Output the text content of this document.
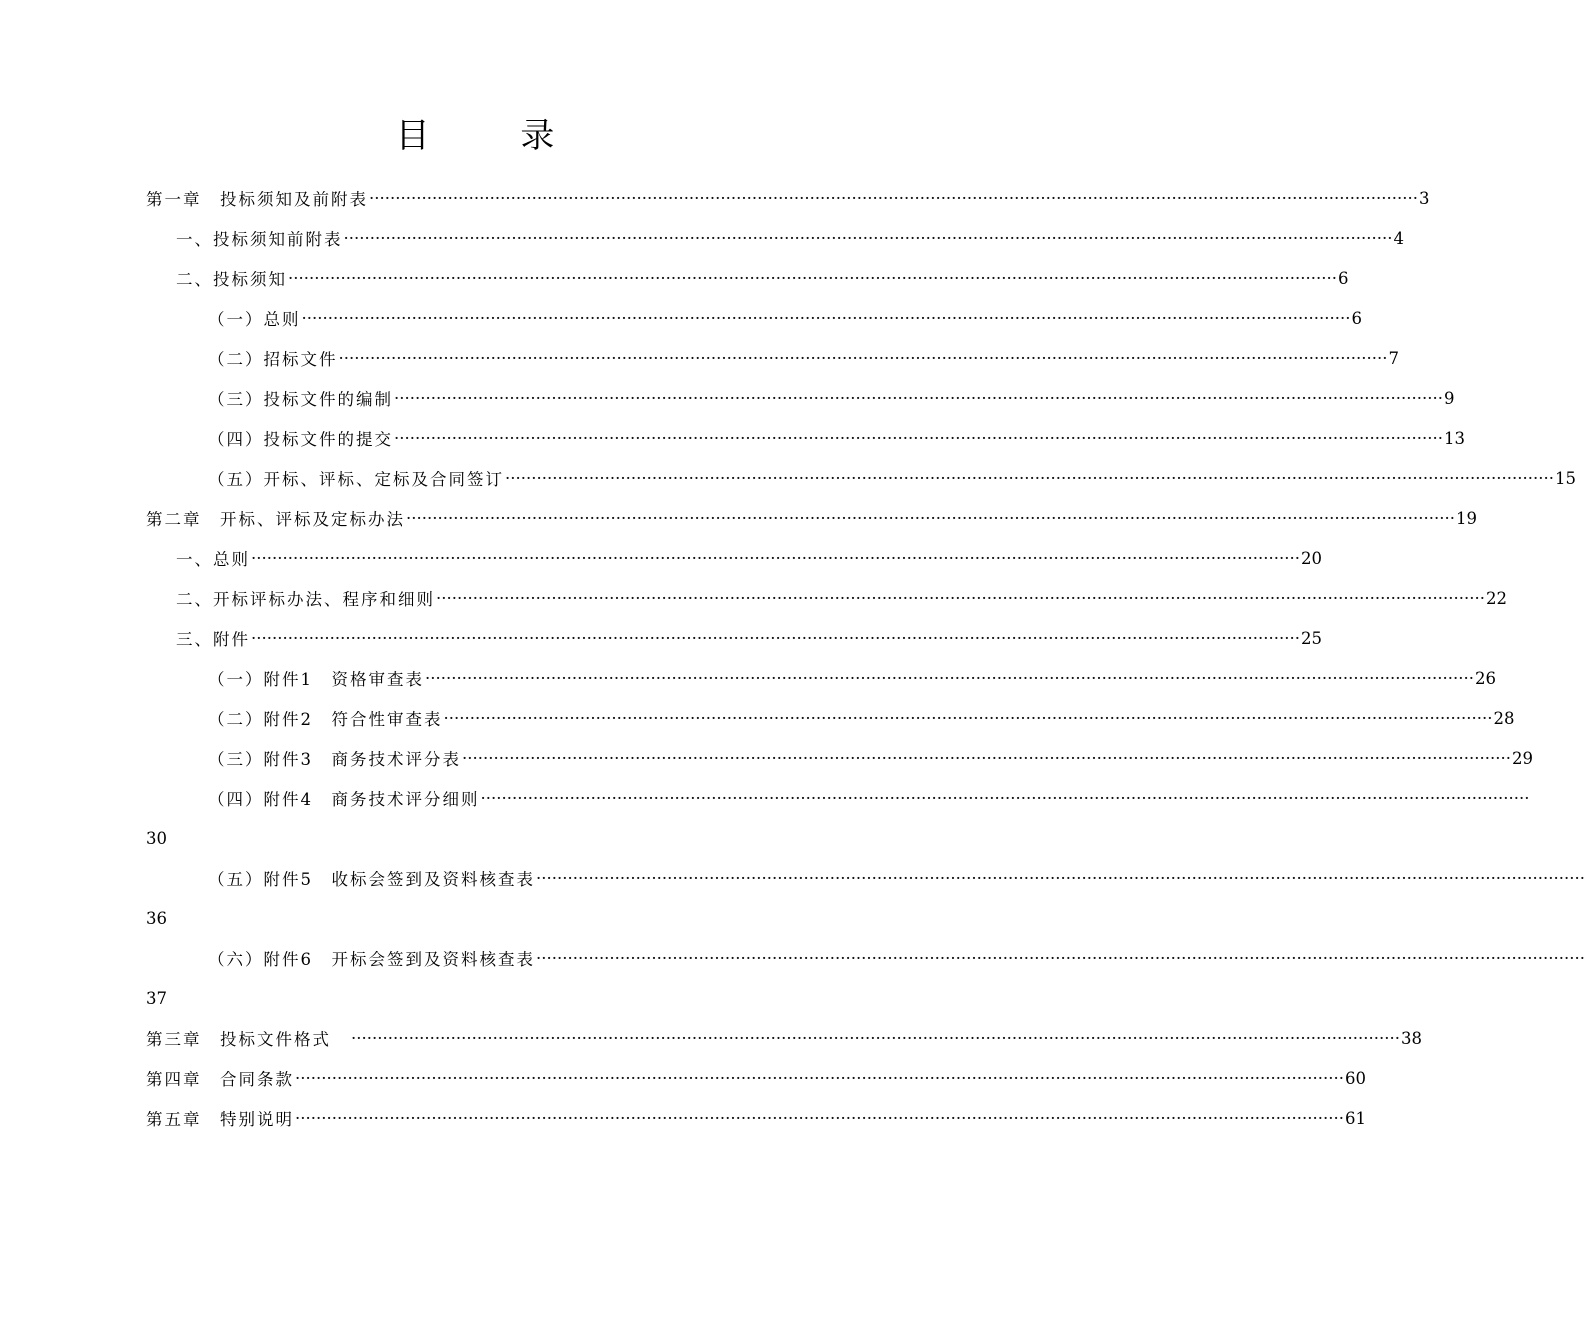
目 录
第一章　投标须知及前附表 ········································································································································································································ 3
一、投标须知前附表 ········································································································································································································ 4
二、投标须知 ········································································································································································································ 6
（一）总则 ········································································································································································································ 6
（二）招标文件 ········································································································································································································ 7
（三）投标文件的编制 ········································································································································································································ 9
（四）投标文件的提交 ········································································································································································································ 13
（五）开标、评标、定标及合同签订 ········································································································································································································ 15
第二章　开标、评标及定标办法 ········································································································································································································ 19
一、总则 ········································································································································································································ 20
二、开标评标办法、程序和细则 ········································································································································································································ 22
三、附件 ········································································································································································································ 25
（一）附件1　资格审查表 ········································································································································································································ 26
（二）附件2　符合性审查表 ········································································································································································································ 28
（三）附件3　商务技术评分表 ········································································································································································································ 29
（四）附件4　商务技术评分细则 ········································································································································································································
30
（五）附件5　收标会签到及资料核查表 ········································································································································································································
36
（六）附件6　开标会签到及资料核查表 ········································································································································································································
37
第三章　投标文件格式 ········································································································································································································ 38
第四章　合同条款 ········································································································································································································ 60
第五章　特别说明 ········································································································································································································ 61
